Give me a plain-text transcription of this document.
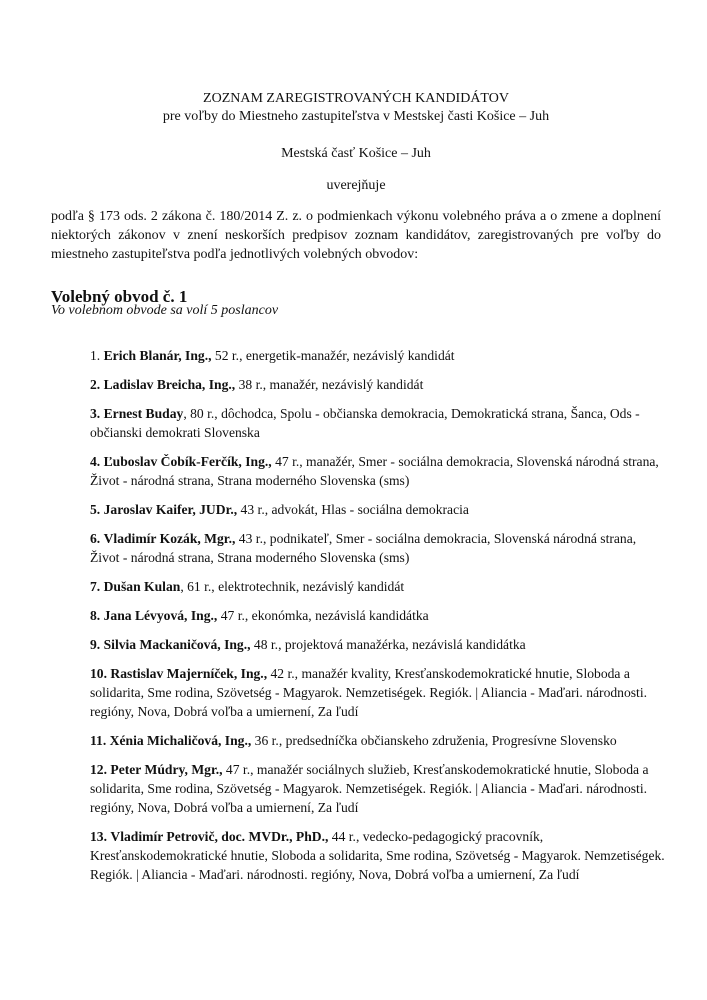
ZOZNAM ZAREGISTROVANÝCH KANDIDÁTOV
pre voľby do Miestneho zastupiteľstva v Mestskej časti Košice – Juh
Mestská časť Košice – Juh
uverejňuje
podľa § 173 ods. 2 zákona č. 180/2014 Z. z. o podmienkach výkonu volebného práva a o zmene a doplnení niektorých zákonov v znení neskorších predpisov zoznam kandidátov, zaregistrovaných pre voľby do miestneho zastupiteľstva podľa jednotlivých volebných obvodov:
Volebný obvod č. 1
Vo volebnom obvode sa volí 5 poslancov
1. Erich Blanár, Ing., 52 r., energetik-manažér, nezávislý kandidát
2. Ladislav Breicha, Ing., 38 r., manažér, nezávislý kandidát
3. Ernest Buday, 80 r., dôchodca, Spolu - občianska demokracia, Demokratická strana, Šanca, Ods - občianski demokrati Slovenska
4. Ľuboslav Čobík-Ferčík, Ing., 47 r., manažér, Smer - sociálna demokracia, Slovenská národná strana, Život - národná strana, Strana moderného Slovenska (sms)
5. Jaroslav Kaifer, JUDr., 43 r., advokát, Hlas - sociálna demokracia
6. Vladimír Kozák, Mgr., 43 r., podnikateľ, Smer - sociálna demokracia, Slovenská národná strana, Život - národná strana, Strana moderného Slovenska (sms)
7. Dušan Kulan, 61 r., elektrotechnik, nezávislý kandidát
8. Jana Lévyová, Ing., 47 r., ekonómka, nezávislá kandidátka
9. Silvia Mackaničová, Ing., 48 r., projektová manažérka, nezávislá kandidátka
10. Rastislav Majerníček, Ing., 42 r., manažér kvality, Kresťanskodemokratické hnutie, Sloboda a solidarita, Sme rodina, Szövetség - Magyarok. Nemzetiségek. Regiók. | Aliancia - Maďari. národnosti. regióny, Nova, Dobrá voľba a umiernení, Za ľudí
11. Xénia Michaličová, Ing., 36 r., predsedníčka občianskeho združenia, Progresívne Slovensko
12. Peter Múdry, Mgr., 47 r., manažér sociálnych služieb, Kresťanskodemokratické hnutie, Sloboda a solidarita, Sme rodina, Szövetség - Magyarok. Nemzetiségek. Regiók. | Aliancia - Maďari. národnosti. regióny, Nova, Dobrá voľba a umiernení, Za ľudí
13. Vladimír Petrovič, doc. MVDr., PhD., 44 r., vedecko-pedagogický pracovník, Kresťanskodemokratické hnutie, Sloboda a solidarita, Sme rodina, Szövetség - Magyarok. Nemzetiségek. Regiók. | Aliancia - Maďari. národnosti. regióny, Nova, Dobrá voľba a umiernení, Za ľudí
